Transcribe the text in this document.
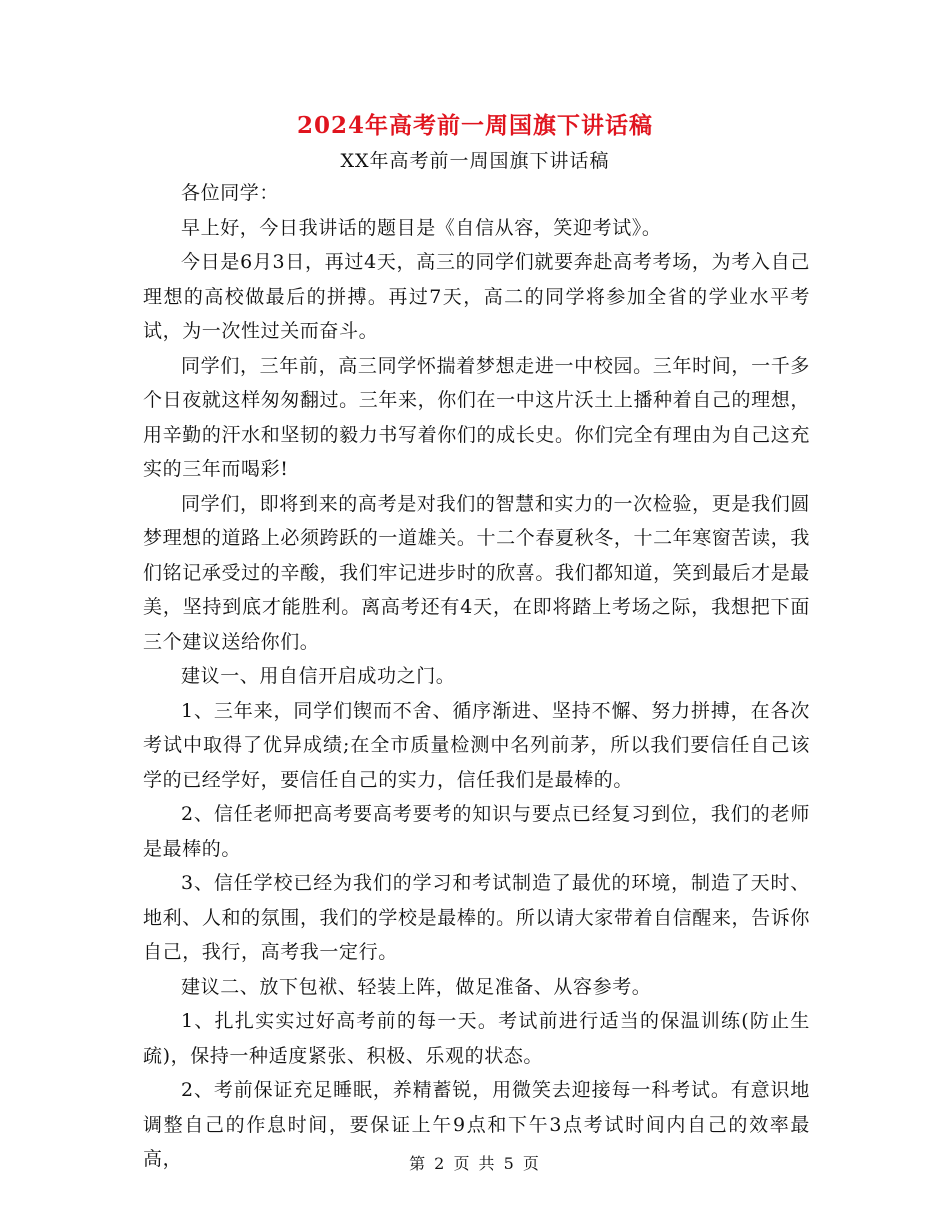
2024年高考前一周国旗下讲话稿
XX年高考前一周国旗下讲话稿

各位同学：

早上好，今日我讲话的题目是《自信从容，笑迎考试》。

今日是6月3日，再过4天，高三的同学们就要奔赴高考考场，为考入自己理想的高校做最后的拼搏。再过7天，高二的同学将参加全省的学业水平考试，为一次性过关而奋斗。

同学们，三年前，高三同学怀揣着梦想走进一中校园。三年时间，一千多个日夜就这样匆匆翻过。三年来，你们在一中这片沃土上播种着自己的理想，用辛勤的汗水和坚韧的毅力书写着你们的成长史。你们完全有理由为自己这充实的三年而喝彩!

同学们，即将到来的高考是对我们的智慧和实力的一次检验，更是我们圆梦理想的道路上必须跨跃的一道雄关。十二个春夏秋冬，十二年寒窗苦读，我们铭记承受过的辛酸，我们牢记进步时的欣喜。我们都知道，笑到最后才是最美，坚持到底才能胜利。离高考还有4天，在即将踏上考场之际，我想把下面三个建议送给你们。

建议一、用自信开启成功之门。

1、三年来，同学们锲而不舍、循序渐进、坚持不懈、努力拼搏，在各次考试中取得了优异成绩;在全市质量检测中名列前茅，所以我们要信任自己该学的已经学好，要信任自己的实力，信任我们是最棒的。

2、信任老师把高考要高考要考的知识与要点已经复习到位，我们的老师是最棒的。

3、信任学校已经为我们的学习和考试制造了最优的环境，制造了天时、地利、人和的氛围，我们的学校是最棒的。所以请大家带着自信醒来，告诉你自己，我行，高考我一定行。

建议二、放下包袱、轻装上阵，做足准备、从容参考。

1、扎扎实实过好高考前的每一天。考试前进行适当的保温训练(防止生疏)，保持一种适度紧张、积极、乐观的状态。

2、考前保证充足睡眠，养精蓄锐，用微笑去迎接每一科考试。有意识地调整自己的作息时间，要保证上午9点和下午3点考试时间内自己的效率最高，	第 2 页 共 5 页
